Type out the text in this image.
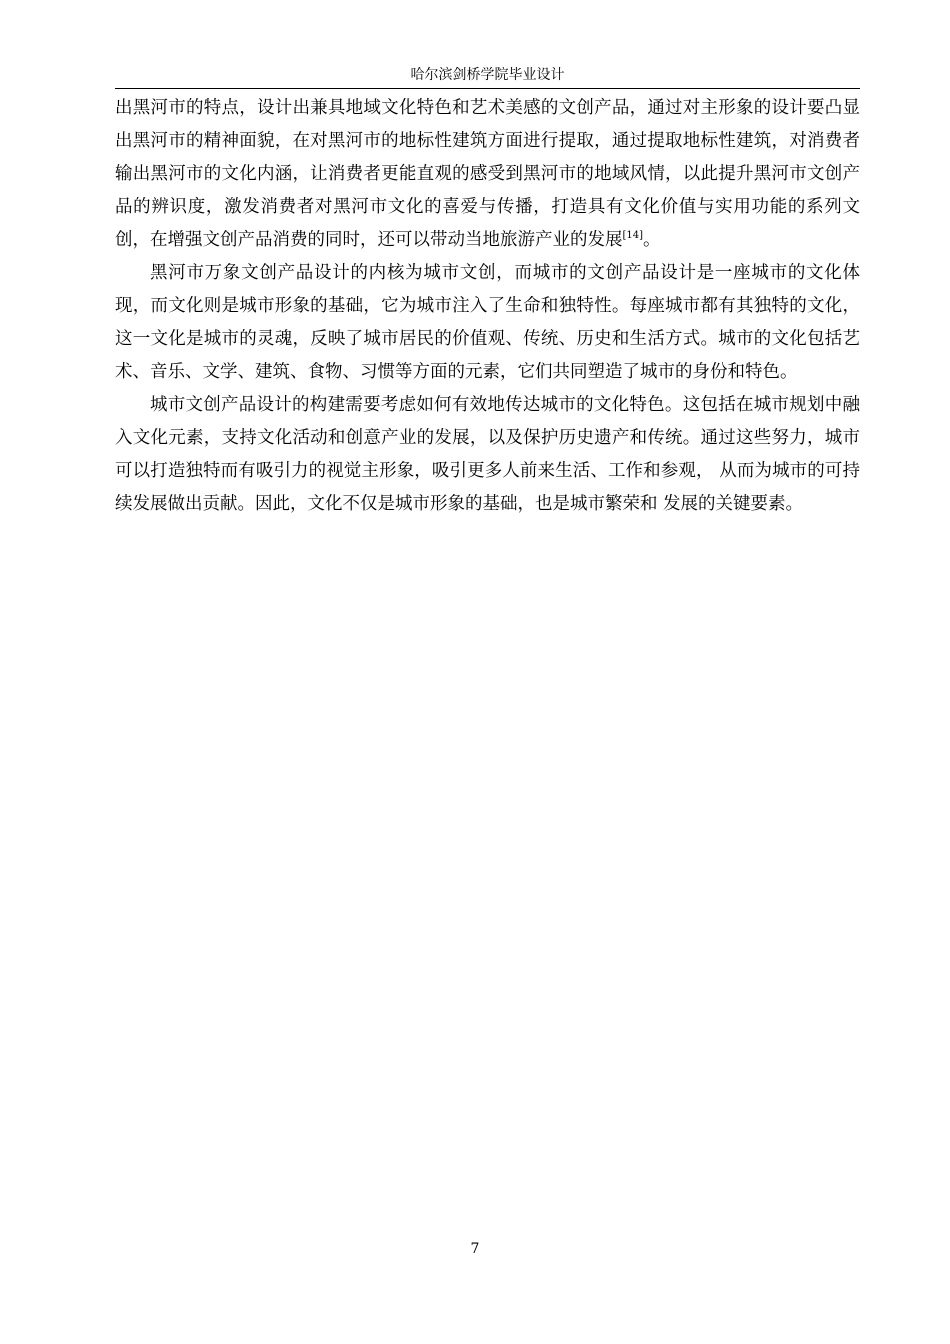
哈尔滨剑桥学院毕业设计

出黑河市的特点，设计出兼具地域文化特色和艺术美感的文创产品，通过对主形象的设计要凸显出黑河市的精神面貌，在对黑河市的地标性建筑方面进行提取，通过提取地标性建筑，对消费者输出黑河市的文化内涵，让消费者更能直观的感受到黑河市的地域风情，以此提升黑河市文创产品的辨识度，激发消费者对黑河市文化的喜爱与传播，打造具有文化价值与实用功能的系列文创，在增强文创产品消费的同时，还可以带动当地旅游产业的发展[14]。

黑河市万象文创产品设计的内核为城市文创，而城市的文创产品设计是一座城市的文化体现，而文化则是城市形象的基础，它为城市注入了生命和独特性。每座城市都有其独特的文化，这一文化是城市的灵魂，反映了城市居民的价值观、传统、历史和生活方式。城市的文化包括艺术、音乐、文学、建筑、食物、习惯等方面的元素，它们共同塑造了城市的身份和特色。

城市文创产品设计的构建需要考虑如何有效地传达城市的文化特色。这包括在城市规划中融入文化元素，支持文化活动和创意产业的发展，以及保护历史遗产和传统。通过这些努力，城市可以打造独特而有吸引力的视觉主形象，吸引更多人前来生活、工作和参观， 从而为城市的可持续发展做出贡献。因此，文化不仅是城市形象的基础，也是城市繁荣和 发展的关键要素。

7
